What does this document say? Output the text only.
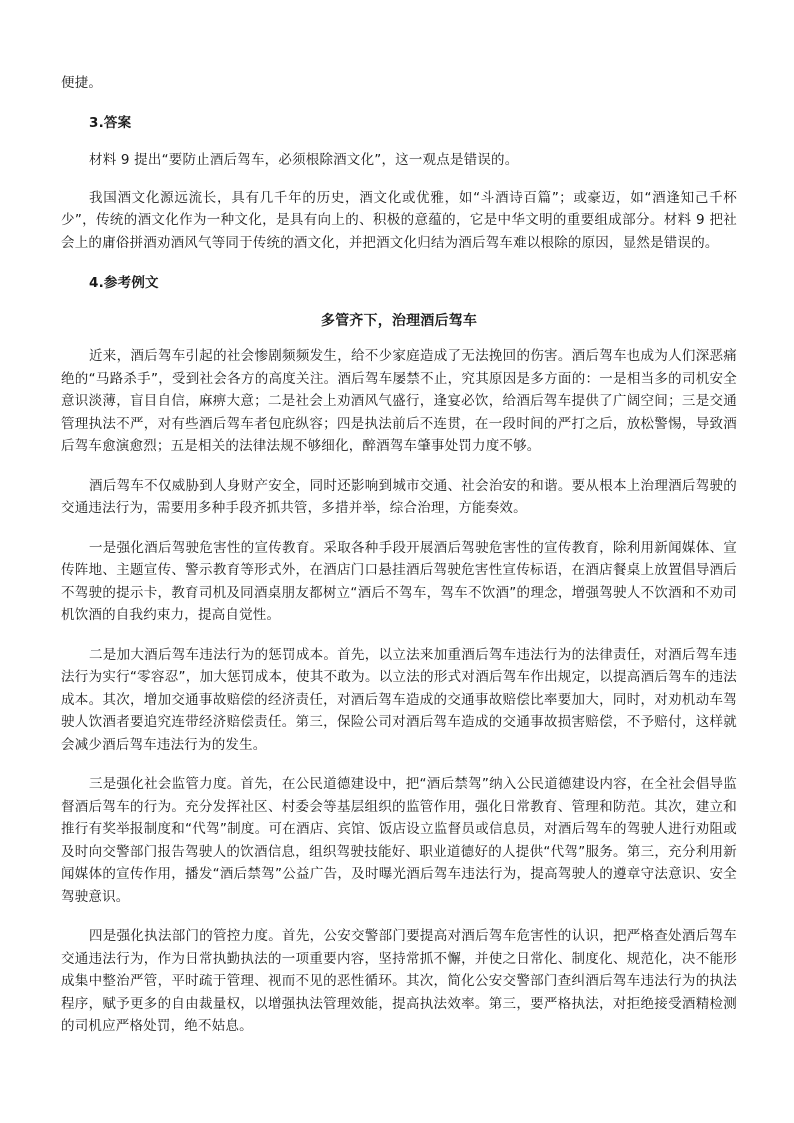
便捷。

3.答案

材料 9 提出“要防止酒后驾车，必须根除酒文化”，这一观点是错误的。

我国酒文化源远流长，具有几千年的历史，酒文化或优雅，如“斗酒诗百篇”；或豪迈，如“酒逢知己千杯少”，传统的酒文化作为一种文化，是具有向上的、积极的意蕴的，它是中华文明的重要组成部分。材料 9 把社会上的庸俗拼酒劝酒风气等同于传统的酒文化，并把酒文化归结为酒后驾车难以根除的原因，显然是错误的。

4.参考例文

多管齐下，治理酒后驾车

近来，酒后驾车引起的社会惨剧频频发生，给不少家庭造成了无法挽回的伤害。酒后驾车也成为人们深恶痛绝的“马路杀手”，受到社会各方的高度关注。酒后驾车屡禁不止，究其原因是多方面的：一是相当多的司机安全意识淡薄，盲目自信，麻痹大意；二是社会上劝酒风气盛行，逢宴必饮，给酒后驾车提供了广阔空间；三是交通管理执法不严，对有些酒后驾车者包庇纵容；四是执法前后不连贯，在一段时间的严打之后，放松警惕，导致酒后驾车愈演愈烈；五是相关的法律法规不够细化，醉酒驾车肇事处罚力度不够。

酒后驾车不仅威胁到人身财产安全，同时还影响到城市交通、社会治安的和谐。要从根本上治理酒后驾驶的交通违法行为，需要用多种手段齐抓共管，多措并举，综合治理，方能奏效。

一是强化酒后驾驶危害性的宣传教育。采取各种手段开展酒后驾驶危害性的宣传教育，除利用新闻媒体、宣传阵地、主题宣传、警示教育等形式外，在酒店门口悬挂酒后驾驶危害性宣传标语，在酒店餐桌上放置倡导酒后不驾驶的提示卡，教育司机及同酒桌朋友都树立“酒后不驾车，驾车不饮酒”的理念，增强驾驶人不饮酒和不劝司机饮酒的自我约束力，提高自觉性。

二是加大酒后驾车违法行为的惩罚成本。首先，以立法来加重酒后驾车违法行为的法律责任，对酒后驾车违法行为实行“零容忍”，加大惩罚成本，使其不敢为。以立法的形式对酒后驾车作出规定，以提高酒后驾车的违法成本。其次，增加交通事故赔偿的经济责任，对酒后驾车造成的交通事故赔偿比率要加大，同时，对劝机动车驾驶人饮酒者要追究连带经济赔偿责任。第三，保险公司对酒后驾车造成的交通事故损害赔偿，不予赔付，这样就会减少酒后驾车违法行为的发生。

三是强化社会监管力度。首先，在公民道德建设中，把“酒后禁驾”纳入公民道德建设内容，在全社会倡导监督酒后驾车的行为。充分发挥社区、村委会等基层组织的监管作用，强化日常教育、管理和防范。其次，建立和推行有奖举报制度和“代驾”制度。可在酒店、宾馆、饭店设立监督员或信息员，对酒后驾车的驾驶人进行劝阻或及时向交警部门报告驾驶人的饮酒信息，组织驾驶技能好、职业道德好的人提供“代驾”服务。第三，充分利用新闻媒体的宣传作用，播发“酒后禁驾”公益广告，及时曝光酒后驾车违法行为，提高驾驶人的遵章守法意识、安全驾驶意识。

四是强化执法部门的管控力度。首先，公安交警部门要提高对酒后驾车危害性的认识，把严格查处酒后驾车交通违法行为，作为日常执勤执法的一项重要内容，坚持常抓不懈，并使之日常化、制度化、规范化，决不能形成集中整治严管，平时疏于管理、视而不见的恶性循环。其次，简化公安交警部门查纠酒后驾车违法行为的执法程序，赋予更多的自由裁量权，以增强执法管理效能，提高执法效率。第三，要严格执法，对拒绝接受酒精检测的司机应严格处罚，绝不姑息。
